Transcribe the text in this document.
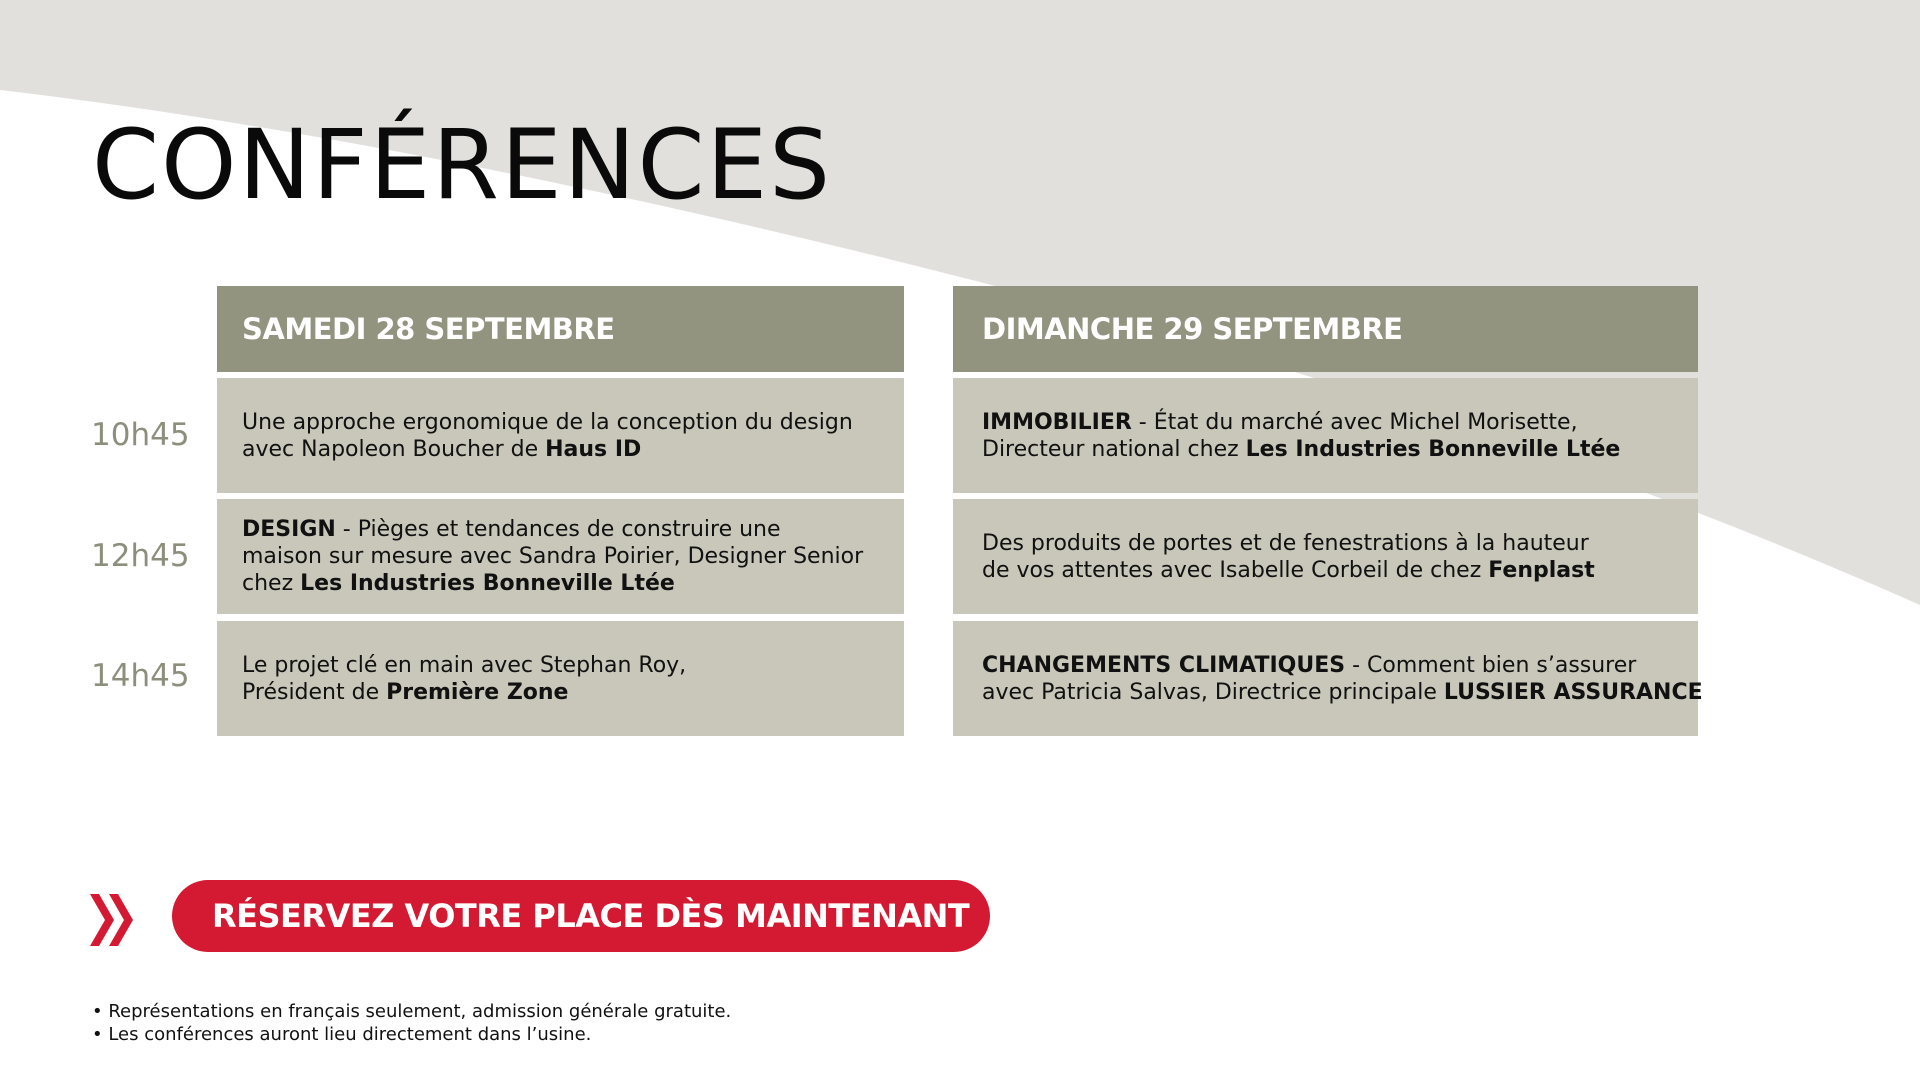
CONFÉRENCES
SAMEDI 28 SEPTEMBRE	DIMANCHE 29 SEPTEMBRE
10h45
12h45
14h45
Une approche ergonomique de la conception du design
avec Napoleon Boucher de Haus ID
DESIGN - Pièges et tendances de construire une
maison sur mesure avec Sandra Poirier, Designer Senior
chez Les Industries Bonneville Ltée
Le projet clé en main avec Stephan Roy,
Président de Première Zone
IMMOBILIER - État du marché avec Michel Morisette,
Directeur national chez Les Industries Bonneville Ltée
Des produits de portes et de fenestrations à la hauteur
de vos attentes avec Isabelle Corbeil de chez Fenplast
CHANGEMENTS CLIMATIQUES - Comment bien s’assurer
avec Patricia Salvas, Directrice principale LUSSIER ASSURANCE
RÉSERVEZ VOTRE PLACE DÈS MAINTENANT
• Représentations en français seulement, admission générale gratuite.
• Les conférences auront lieu directement dans l’usine.
